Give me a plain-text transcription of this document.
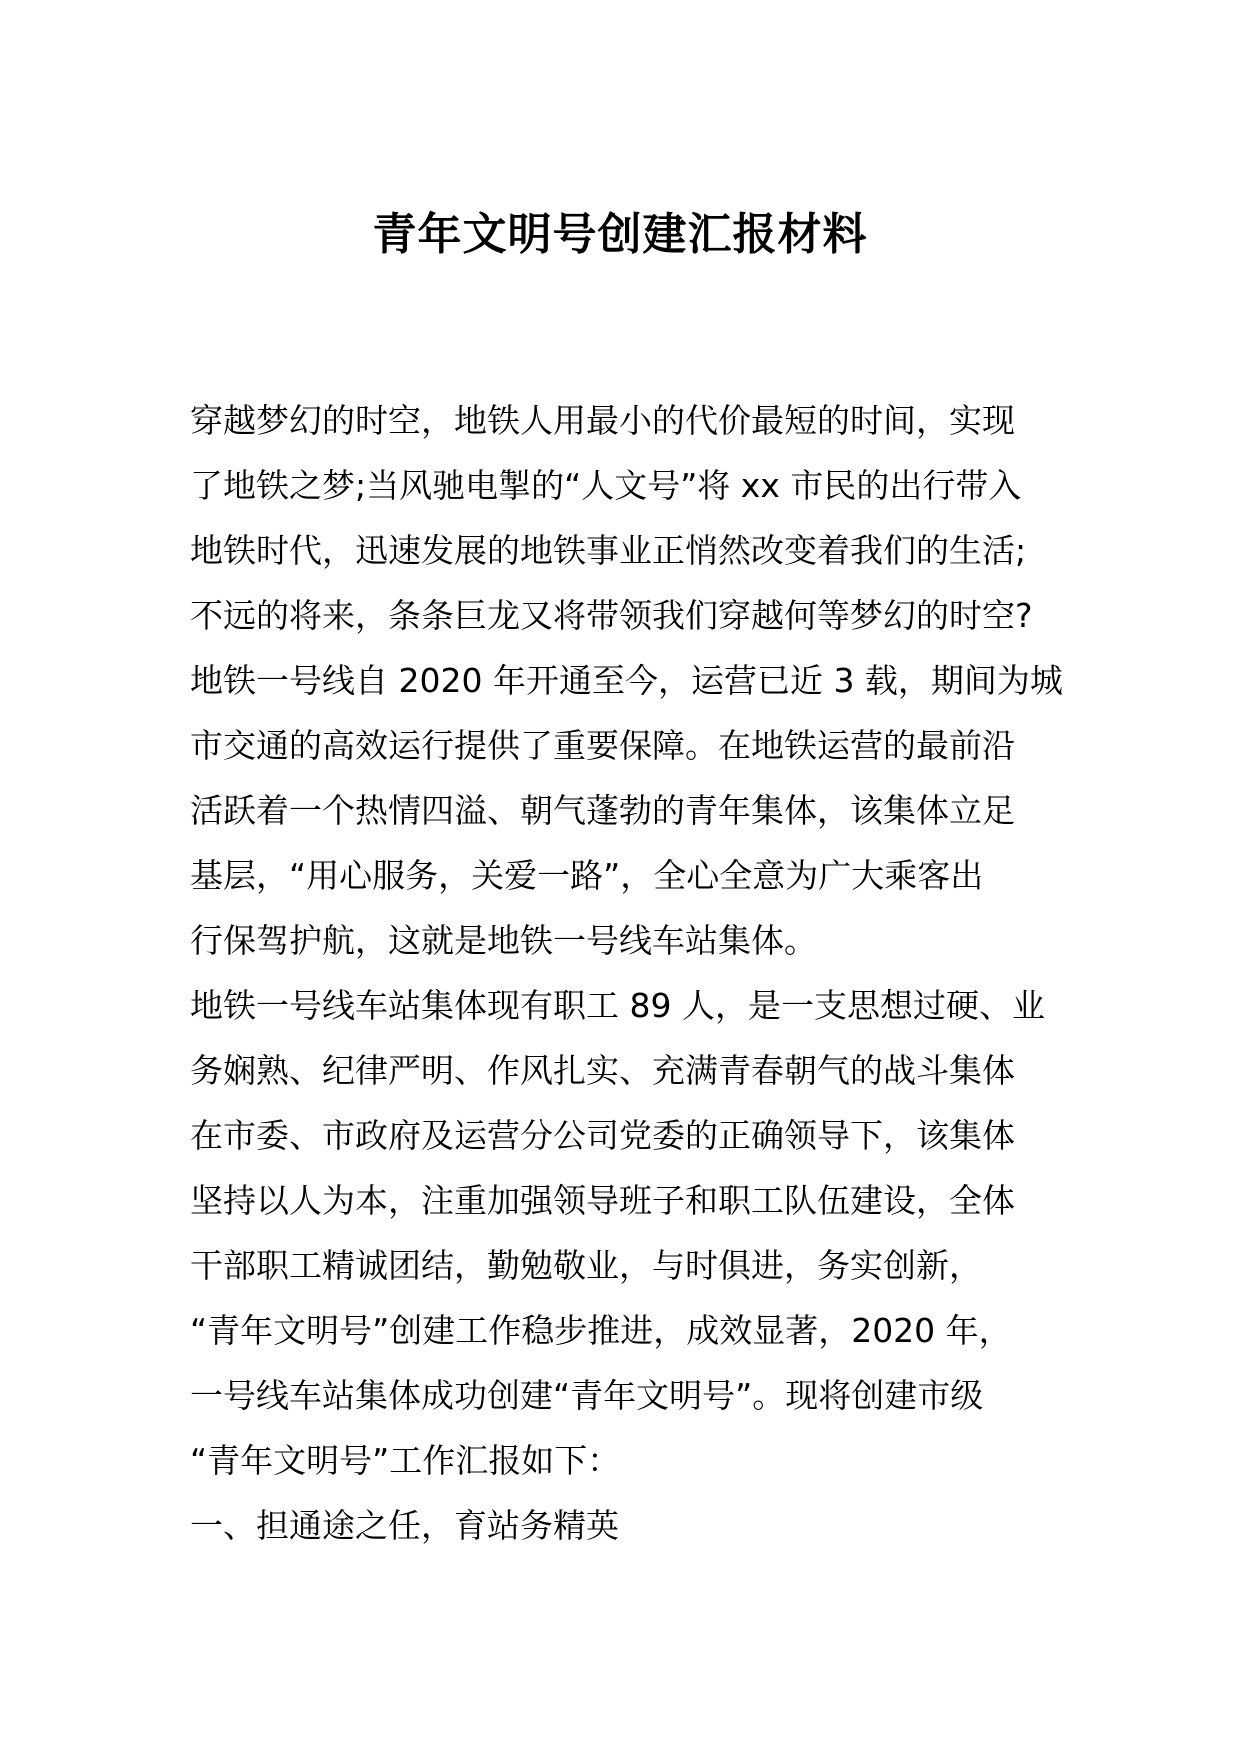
青年文明号创建汇报材料
穿越梦幻的时空，地铁人用最小的代价最短的时间，实现
了地铁之梦;当风驰电掣的“人文号”将 xx 市民的出行带入
地铁时代，迅速发展的地铁事业正悄然改变着我们的生活;
不远的将来，条条巨龙又将带领我们穿越何等梦幻的时空?
地铁一号线自 2020 年开通至今，运营已近 3 载，期间为城
市交通的高效运行提供了重要保障。在地铁运营的最前沿
活跃着一个热情四溢、朝气蓬勃的青年集体，该集体立足
基层，“用心服务，关爱一路”，全心全意为广大乘客出
行保驾护航，这就是地铁一号线车站集体。
地铁一号线车站集体现有职工 89 人，是一支思想过硬、业
务娴熟、纪律严明、作风扎实、充满青春朝气的战斗集体
在市委、市政府及运营分公司党委的正确领导下，该集体
坚持以人为本，注重加强领导班子和职工队伍建设，全体
干部职工精诚团结，勤勉敬业，与时俱进，务实创新，
“青年文明号”创建工作稳步推进，成效显著，2020 年，
一号线车站集体成功创建“青年文明号”。现将创建市级
“青年文明号”工作汇报如下：
一、担通途之任，育站务精英
